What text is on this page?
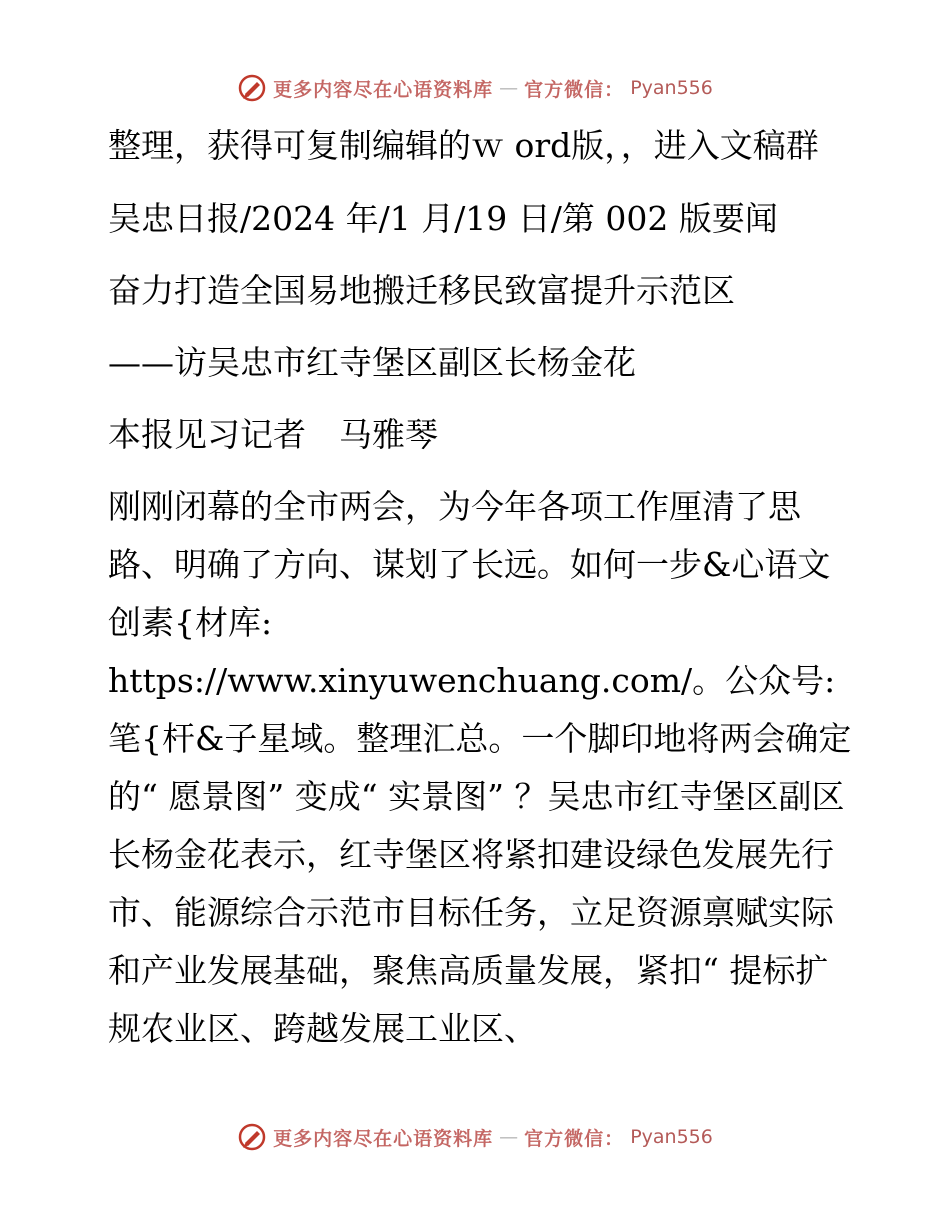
更多内容尽在心语资料库 — 官方微信： Pyan556

整理，获得可复制编辑的ｗ ord版，，进入文稿群

吴忠日报/2024 年/1 月/19 日/第 002 版要闻

奋力打造全国易地搬迁移民致富提升示范区

——访吴忠市红寺堡区副区长杨金花

本报见习记者　马雅琴

刚刚闭幕的全市两会，为今年各项工作厘清了思路、明确了方向、谋划了长远。如何一步&心语文创素{材库: https://www.xinyuwenchuang.com/。公众号: 笔{杆&子星域。整理汇总。一个脚印地将两会确定的“ 愿景图” 变成“ 实景图” ？吴忠市红寺堡区副区长杨金花表示，红寺堡区将紧扣建设绿色发展先行市、能源综合示范市目标任务，立足资源禀赋实际和产业发展基础，聚焦高质量发展，紧扣“ 提标扩规农业区、跨越发展工业区、

更多内容尽在心语资料库 — 官方微信： Pyan556
